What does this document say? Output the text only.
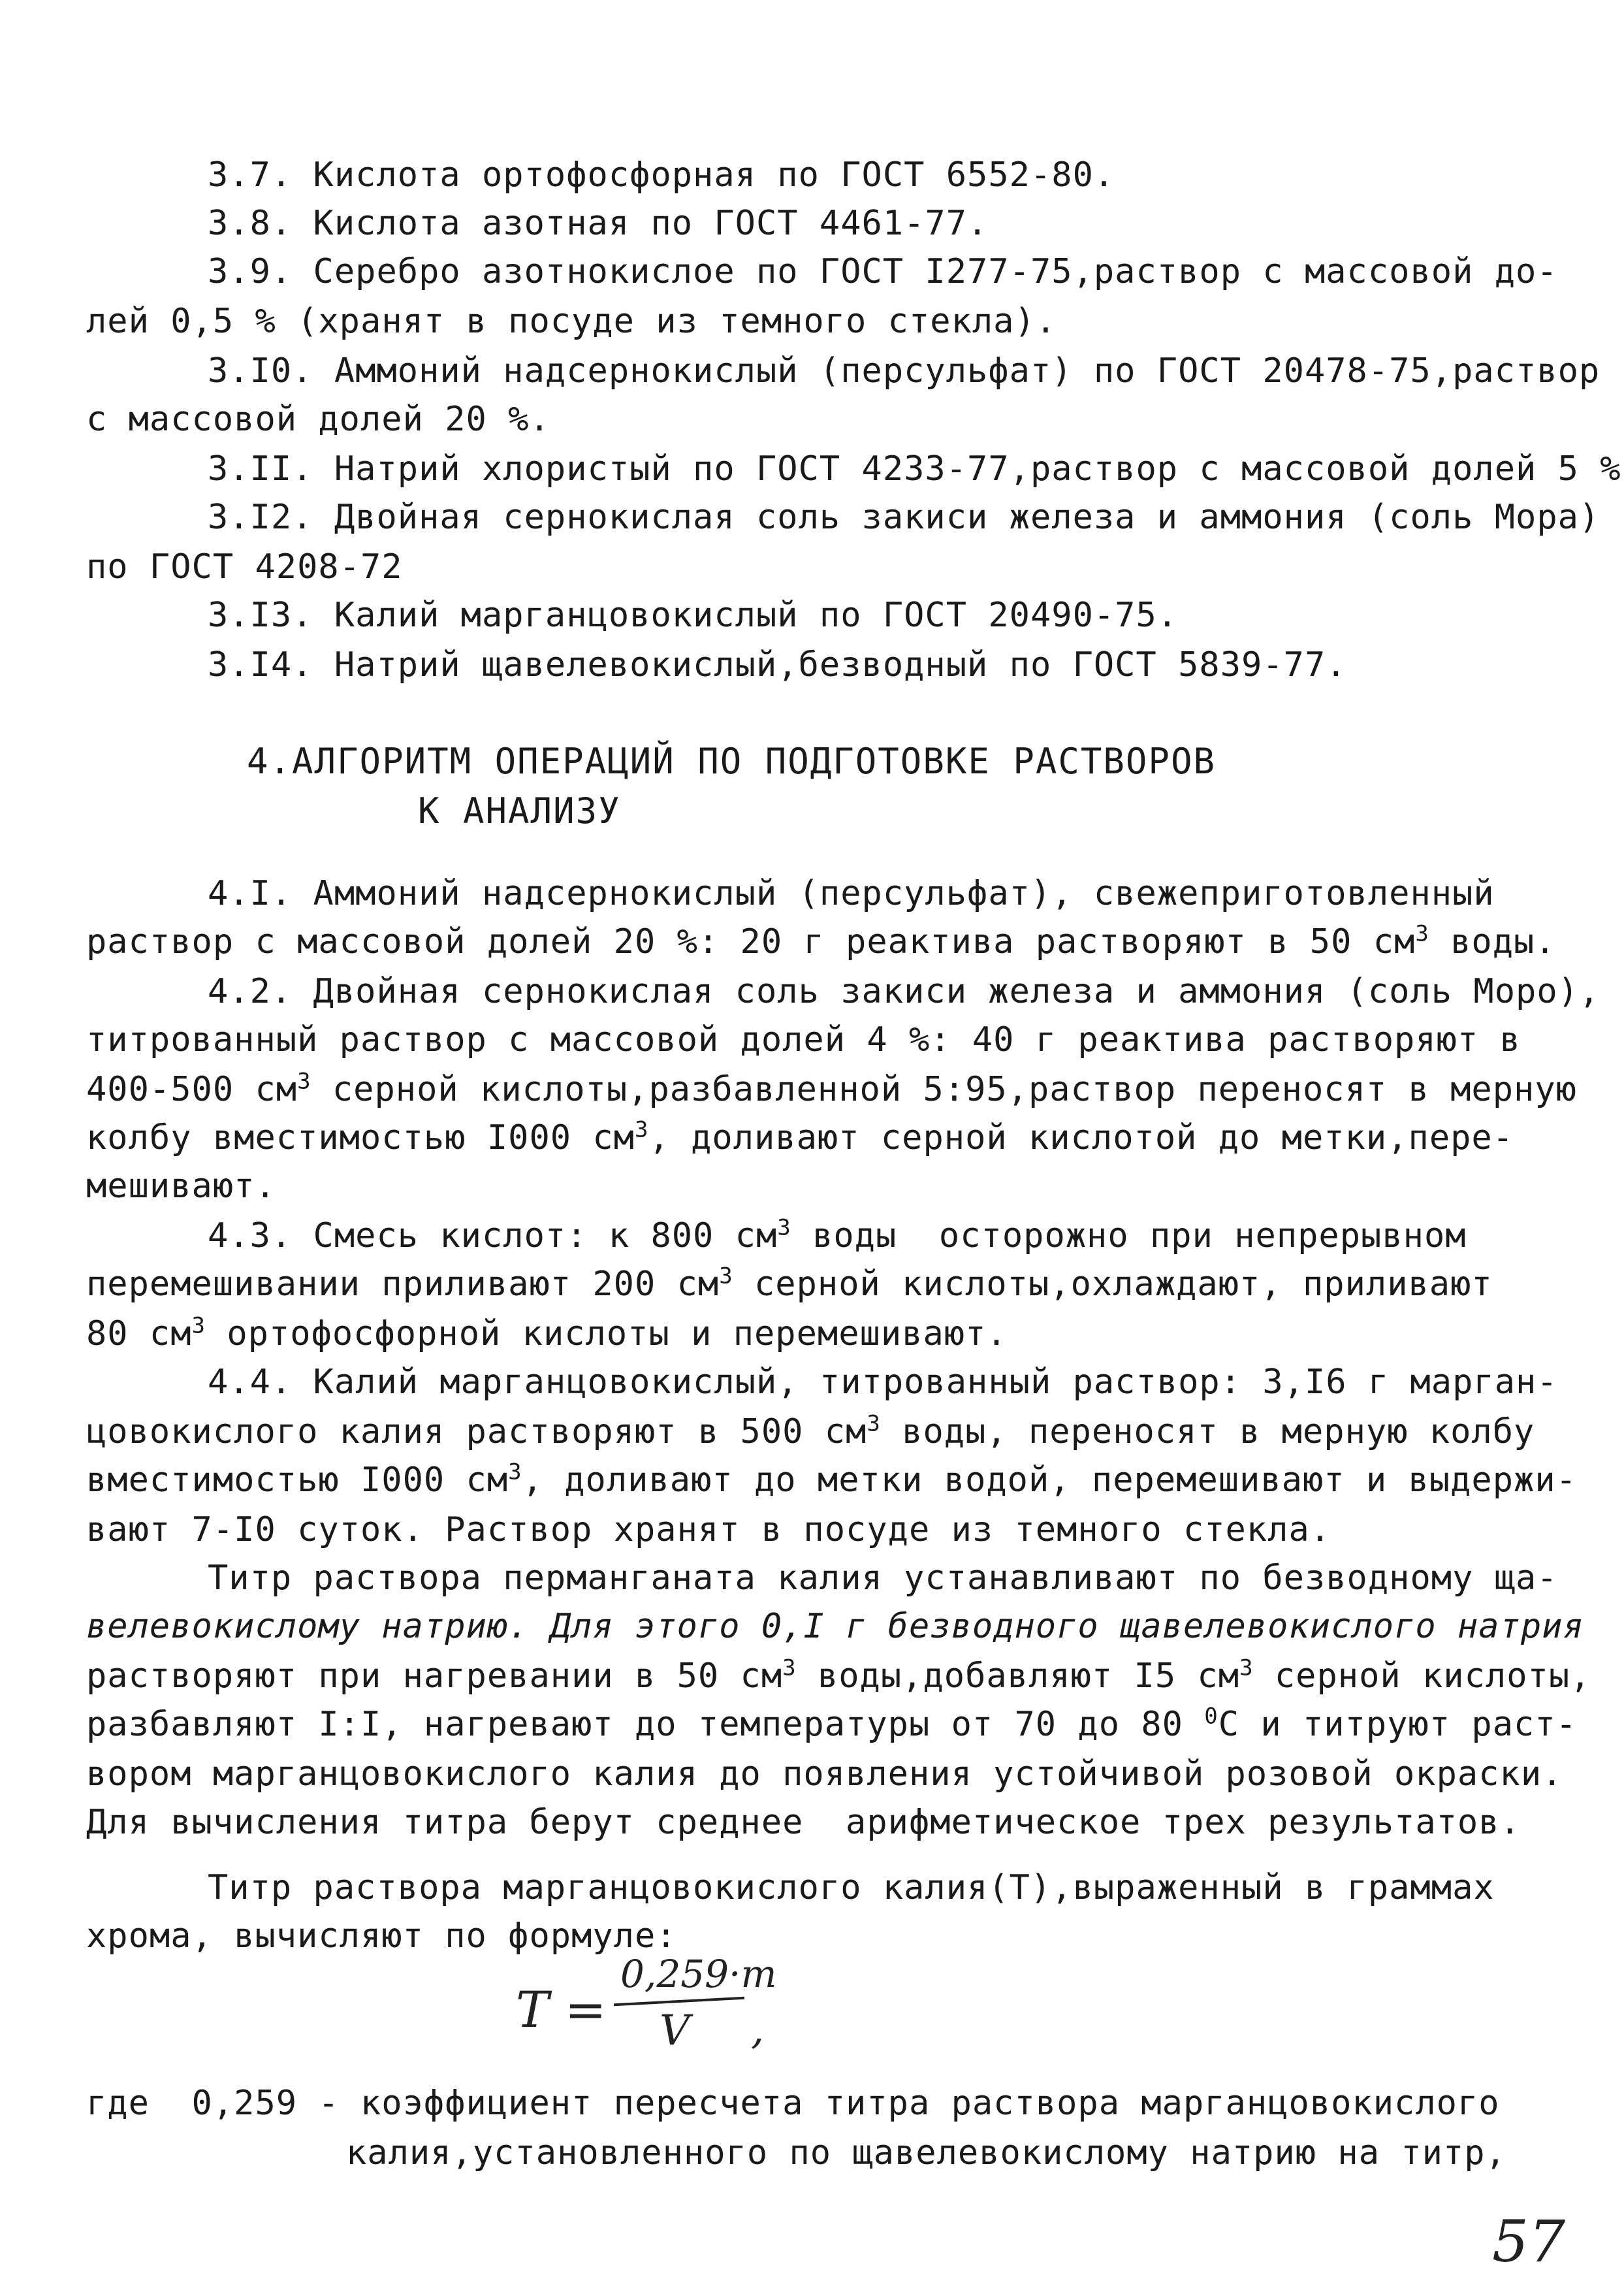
3.7. Кислота ортофосфорная по ГОСТ 6552-80.
3.8. Кислота азотная по ГОСТ 4461-77.
3.9. Серебро азотнокислое по ГОСТ I277-75,раствор с массовой до-
лей 0,5 % (хранят в посуде из темного стекла).
3.I0. Аммоний надсернокислый (персульфат) по ГОСТ 20478-75,раствор
с массовой долей 20 %.
3.II. Натрий хлористый по ГОСТ 4233-77,раствор с массовой долей 5 %
3.I2. Двойная сернокислая соль закиси железа и аммония (соль Мора)
по ГОСТ 4208-72
3.I3. Калий марганцовокислый по ГОСТ 20490-75.
3.I4. Натрий щавелевокислый,безводный по ГОСТ 5839-77.
4.АЛГОРИТМ ОПЕРАЦИЙ ПО ПОДГОТОВКЕ РАСТВОРОВ
К АНАЛИЗУ
4.I. Аммоний надсернокислый (персульфат), свежеприготовленный
раствор с массовой долей 20 %: 20 г реактива растворяют в 50 $см^3$ воды.
4.2. Двойная сернокислая соль закиси железа и аммония (соль Моро),
титрованный раствор с массовой долей 4 %: 40 г реактива растворяют в
400-500 $см^3$ серной кислоты,разбавленной 5:95,раствор переносят в мерную
колбу вместимостью I000 $см^3$, доливают серной кислотой до метки,пере-
мешивают.
4.3. Смесь кислот: к 800 $см^3$ воды  осторожно при непрерывном
перемешивании приливают 200 $см^3$ серной кислоты,охлаждают, приливают
80 $см^3$ ортофосфорной кислоты и перемешивают.
4.4. Калий марганцовокислый, титрованный раствор: 3,I6 г марган-
цовокислого калия растворяют в 500 $см^3$ воды, переносят в мерную колбу
вместимостью I000 $см^3$, доливают до метки водой, перемешивают и выдержи-
вают 7-I0 суток. Раствор хранят в посуде из темного стекла.
Титр раствора перманганата калия устанавливают по безводному ща-
велевокислому натрию. Для этого 0,I г безводного щавелевокислого натрия
растворяют при нагревании в 50 $см^3$ воды,добавляют I5 $см^3$ серной кислоты,
разбавляют I:I, нагревают до температуры от 70 до 80 $^0$С и титруют раст-
вором марганцовокислого калия до появления устойчивой розовой окраски.
Для вычисления титра берут среднее  арифметическое трех результатов.
Титр раствора марганцовокислого калия(Т),выраженный в граммах
хрома, вычисляют по формуле:
Т =
0,259·m
V ,
где  0,259 - коэффициент пересчета титра раствора марганцовокислого
калия,установленного по щавелевокислому натрию на титр,
57
